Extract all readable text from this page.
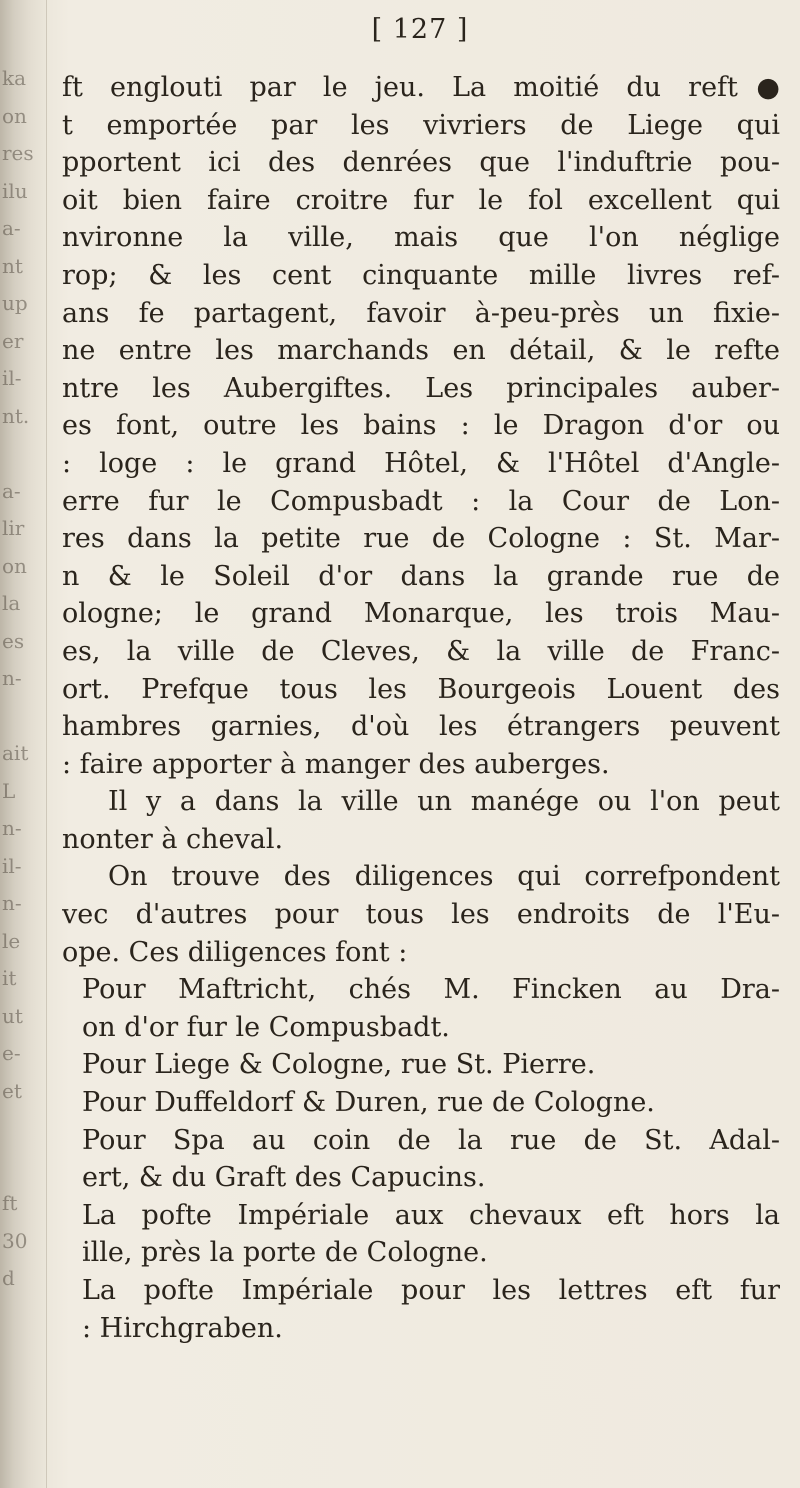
ka
on
res
ilu
a-
nt
up
er
il-
nt.
a-
lir
on
la
es
n-
ait
L
n-
il-
n-
le
it
ut
e-
et
ft
30
d
[ 127 ]
ft englouti par le jeu. La moitié du reft●
t emportée par les vivriers de Liege qui
pportent ici des denrées que l'induftrie pou-
oit bien faire croitre fur le fol excellent qui
nvironne la ville, mais que l'on néglige
rop; & les cent cinquante mille livres ref-
ans fe partagent, favoir à-peu-près un fixie-
ne entre les marchands en détail, & le refte
ntre les Aubergiftes. Les principales auber-
es font, outre les bains : le Dragon d'or ou
: loge : le grand Hôtel, & l'Hôtel d'Angle-
erre fur le Compusbadt : la Cour de Lon-
res dans la petite rue de Cologne : St. Mar-
n & le Soleil d'or dans la grande rue de
ologne; le grand Monarque, les trois Mau-
es, la ville de Cleves, & la ville de Franc-
ort. Prefque tous les Bourgeois Louent des
hambres garnies, d'où les étrangers peuvent
: faire apporter à manger des auberges.
Il y a dans la ville un manége ou l'on peut
nonter à cheval.
On trouve des diligences qui correfpondent
vec d'autres pour tous les endroits de l'Eu-
ope. Ces diligences font :
Pour Maftricht, chés M. Fincken au Dra-
on d'or fur le Compusbadt.
Pour Liege & Cologne, rue St. Pierre.
Pour Duffeldorf & Duren, rue de Cologne.
Pour Spa au coin de la rue de St. Adal-
ert, & du Graft des Capucins.
La pofte Impériale aux chevaux eft hors la
ille, près la porte de Cologne.
La pofte Impériale pour les lettres eft fur
: Hirchgraben.
